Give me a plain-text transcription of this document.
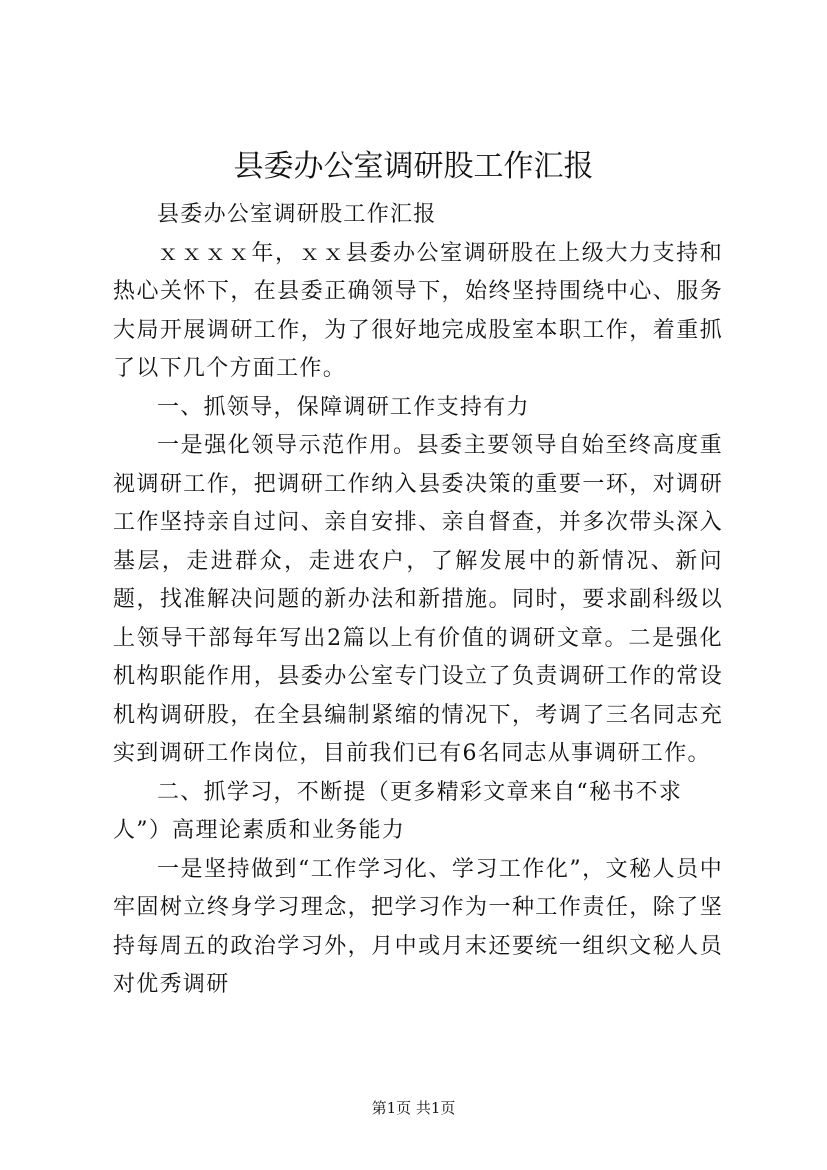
县委办公室调研股工作汇报

县委办公室调研股工作汇报

ｘｘｘｘ年，ｘｘ县委办公室调研股在上级大力支持和热心关怀下，在县委正确领导下，始终坚持围绕中心、服务大局开展调研工作，为了很好地完成股室本职工作，着重抓了以下几个方面工作。

一、抓领导，保障调研工作支持有力

一是强化领导示范作用。县委主要领导自始至终高度重视调研工作，把调研工作纳入县委决策的重要一环，对调研工作坚持亲自过问、亲自安排、亲自督查，并多次带头深入基层，走进群众，走进农户，了解发展中的新情况、新问题，找准解决问题的新办法和新措施。同时，要求副科级以上领导干部每年写出2篇以上有价值的调研文章。二是强化机构职能作用，县委办公室专门设立了负责调研工作的常设机构调研股，在全县编制紧缩的情况下，考调了三名同志充实到调研工作岗位，目前我们已有6名同志从事调研工作。

二、抓学习，不断提（更多精彩文章来自“秘书不求人”）高理论素质和业务能力

一是坚持做到“工作学习化、学习工作化”，文秘人员中牢固树立终身学习理念，把学习作为一种工作责任，除了坚持每周五的政治学习外，月中或月末还要统一组织文秘人员对优秀调研

第1页 共1页
